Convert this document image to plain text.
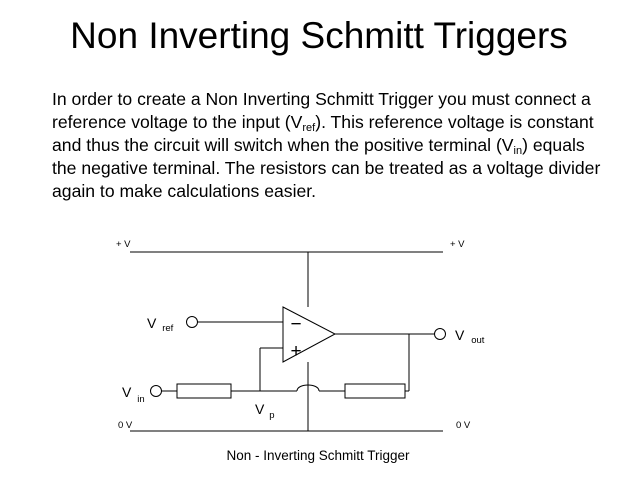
Non Inverting Schmitt Triggers
In order to create a Non Inverting Schmitt Trigger you must connect a reference voltage to the input $(V_{ref})$. This reference voltage is constant and thus the circuit will switch when the positive terminal $(V_{in})$ equals the negative terminal. The resistors can be treated as a voltage divider again to make calculations easier.
−
+
+ V	+ V
0 V	0 V
V $_{ref}$
V $_{in}$
V $_{out}$
V $_p$
Non - Inverting Schmitt Trigger
